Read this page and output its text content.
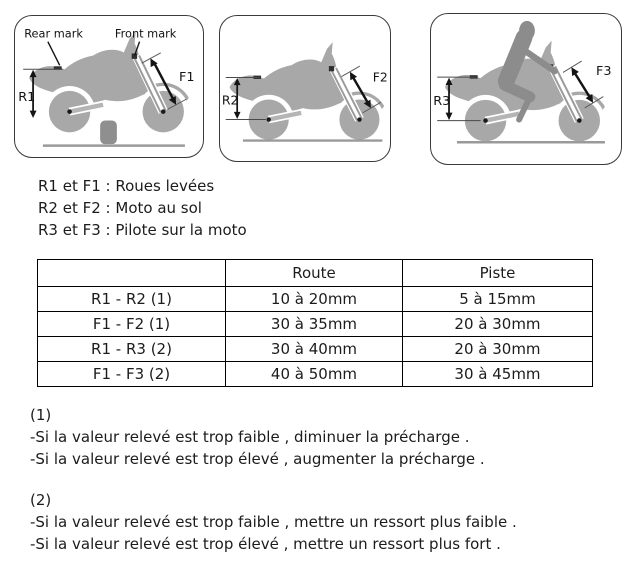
Rear mark	Front mark
R1
F1
R2
F2
R3
F3
R1 et F1 : Roues levées
R2 et F2 : Moto au sol
R3 et F3 : Pilote sur la moto
	Route	Piste
R1 - R2 (1)	10 à 20mm	5 à 15mm
F1 - F2 (1)	30 à 35mm	20 à 30mm
R1 - R3 (2)	30 à 40mm	20 à 30mm
F1 - F3 (2)	40 à 50mm	30 à 45mm
(1)
-Si la valeur relevé est trop faible , diminuer la précharge .
-Si la valeur relevé est trop élevé , augmenter la précharge .
(2)
-Si la valeur relevé est trop faible , mettre un ressort plus faible .
-Si la valeur relevé est trop élevé , mettre un ressort plus fort .
